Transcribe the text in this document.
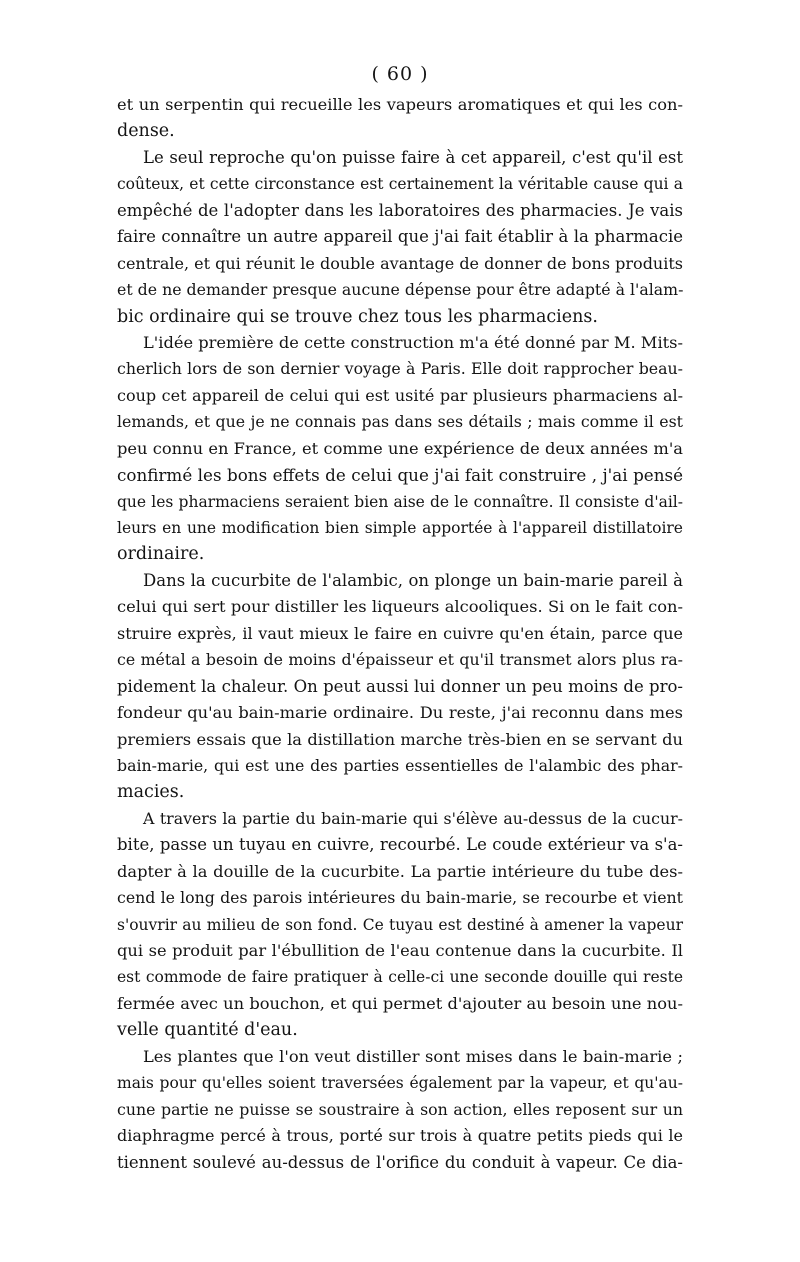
( 60 )
et un serpentin qui recueille les vapeurs aromatiques et qui les con-
dense.
Le seul reproche qu'on puisse faire à cet appareil, c'est qu'il est
coûteux, et cette circonstance est certainement la véritable cause qui a
empêché de l'adopter dans les laboratoires des pharmacies. Je vais
faire connaître un autre appareil que j'ai fait établir à la pharmacie
centrale, et qui réunit le double avantage de donner de bons produits
et de ne demander presque aucune dépense pour être adapté à l'alam-
bic ordinaire qui se trouve chez tous les pharmaciens.
L'idée première de cette construction m'a été donné par M. Mits-
cherlich lors de son dernier voyage à Paris. Elle doit rapprocher beau-
coup cet appareil de celui qui est usité par plusieurs pharmaciens al-
lemands, et que je ne connais pas dans ses détails ; mais comme il est
peu connu en France, et comme une expérience de deux années m'a
confirmé les bons effets de celui que j'ai fait construire , j'ai pensé
que les pharmaciens seraient bien aise de le connaître. Il consiste d'ail-
leurs en une modification bien simple apportée à l'appareil distillatoire
ordinaire.
Dans la cucurbite de l'alambic, on plonge un bain-marie pareil à
celui qui sert pour distiller les liqueurs alcooliques. Si on le fait con-
struire exprès, il vaut mieux le faire en cuivre qu'en étain, parce que
ce métal a besoin de moins d'épaisseur et qu'il transmet alors plus ra-
pidement la chaleur. On peut aussi lui donner un peu moins de pro-
fondeur qu'au bain-marie ordinaire. Du reste, j'ai reconnu dans mes
premiers essais que la distillation marche très-bien en se servant du
bain-marie, qui est une des parties essentielles de l'alambic des phar-
macies.
A travers la partie du bain-marie qui s'élève au-dessus de la cucur-
bite, passe un tuyau en cuivre, recourbé. Le coude extérieur va s'a-
dapter à la douille de la cucurbite. La partie intérieure du tube des-
cend le long des parois intérieures du bain-marie, se recourbe et vient
s'ouvrir au milieu de son fond. Ce tuyau est destiné à amener la vapeur
qui se produit par l'ébullition de l'eau contenue dans la cucurbite. Il
est commode de faire pratiquer à celle-ci une seconde douille qui reste
fermée avec un bouchon, et qui permet d'ajouter au besoin une nou-
velle quantité d'eau.
Les plantes que l'on veut distiller sont mises dans le bain-marie ;
mais pour qu'elles soient traversées également par la vapeur, et qu'au-
cune partie ne puisse se soustraire à son action, elles reposent sur un
diaphragme percé à trous, porté sur trois à quatre petits pieds qui le
tiennent soulevé au-dessus de l'orifice du conduit à vapeur. Ce dia-
